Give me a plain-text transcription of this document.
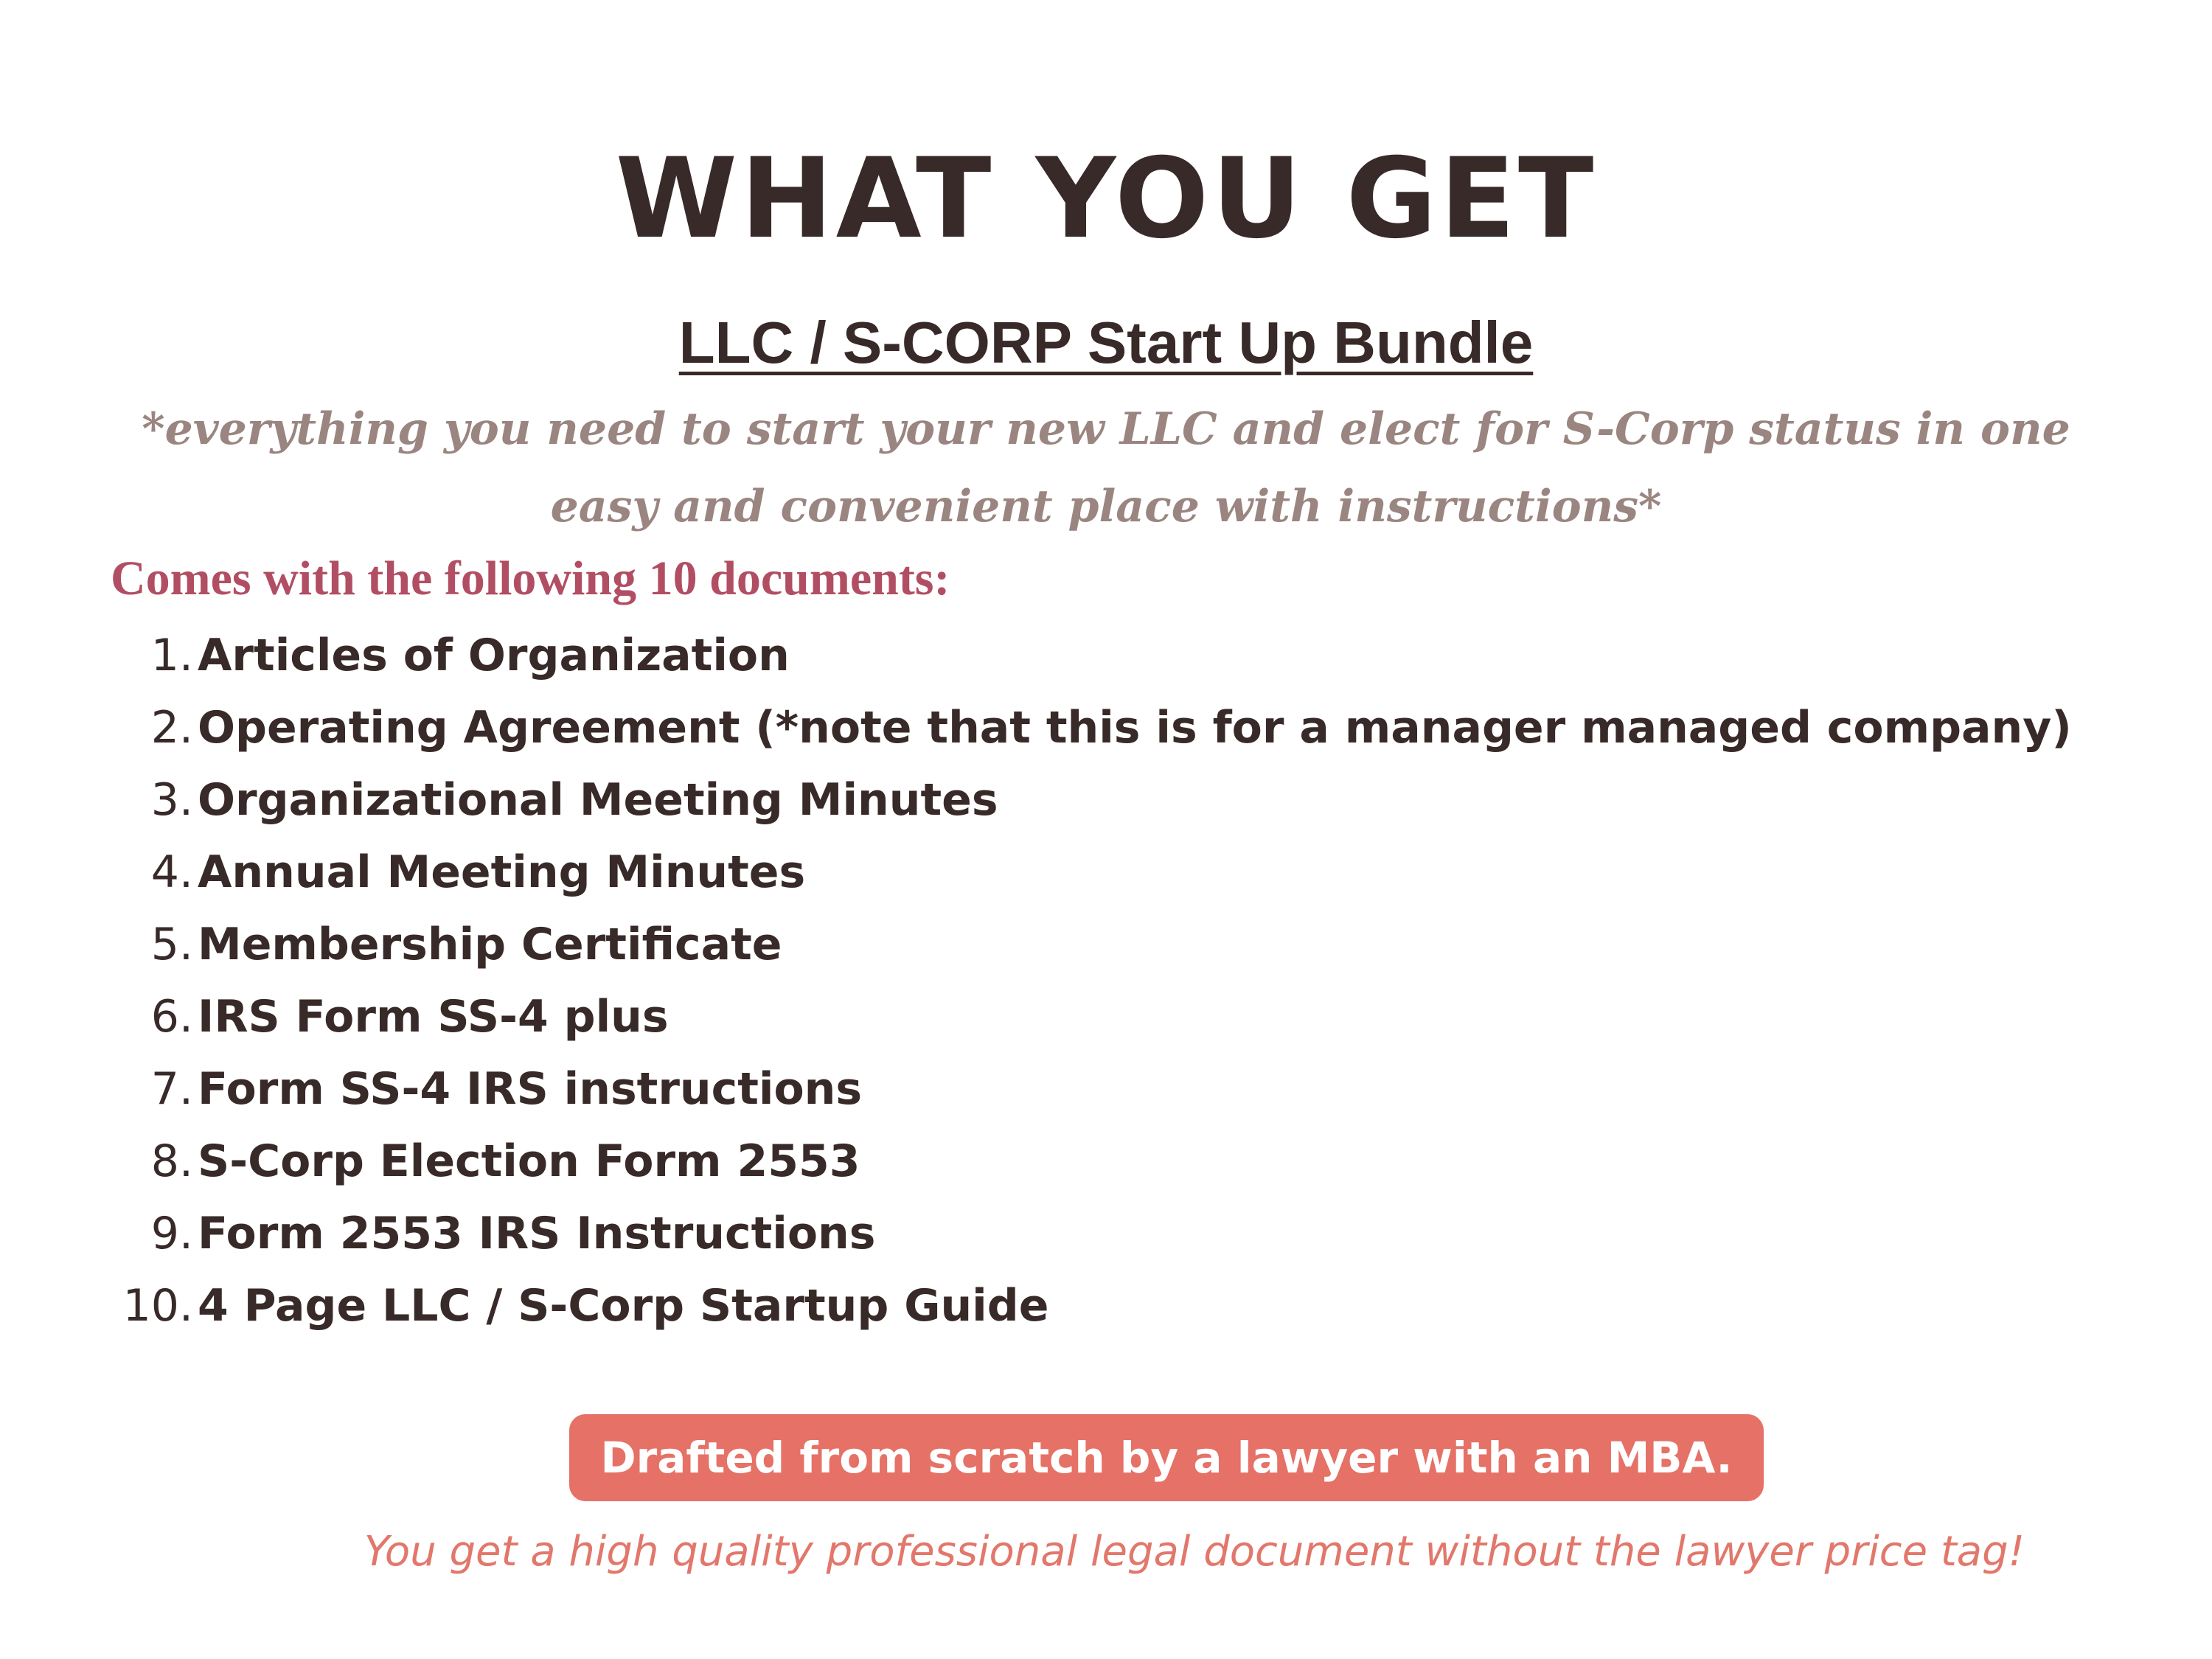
WHAT YOU GET
LLC / S-CORP Start Up Bundle

*everything you need to start your new LLC and elect for S-Corp status in one easy and convenient place with instructions*

Comes with the following 10 documents:

1. Articles of Organization
2. Operating Agreement (*note that this is for a manager managed company)
3. Organizational Meeting Minutes
4. Annual Meeting Minutes
5. Membership Certificate
6. IRS Form SS-4 plus
7. Form SS-4 IRS instructions
8. S-Corp Election Form 2553
9. Form 2553 IRS Instructions
10. 4 Page LLC / S-Corp Startup Guide
Drafted from scratch by a lawyer with an MBA.

You get a high quality professional legal document without the lawyer price tag!
